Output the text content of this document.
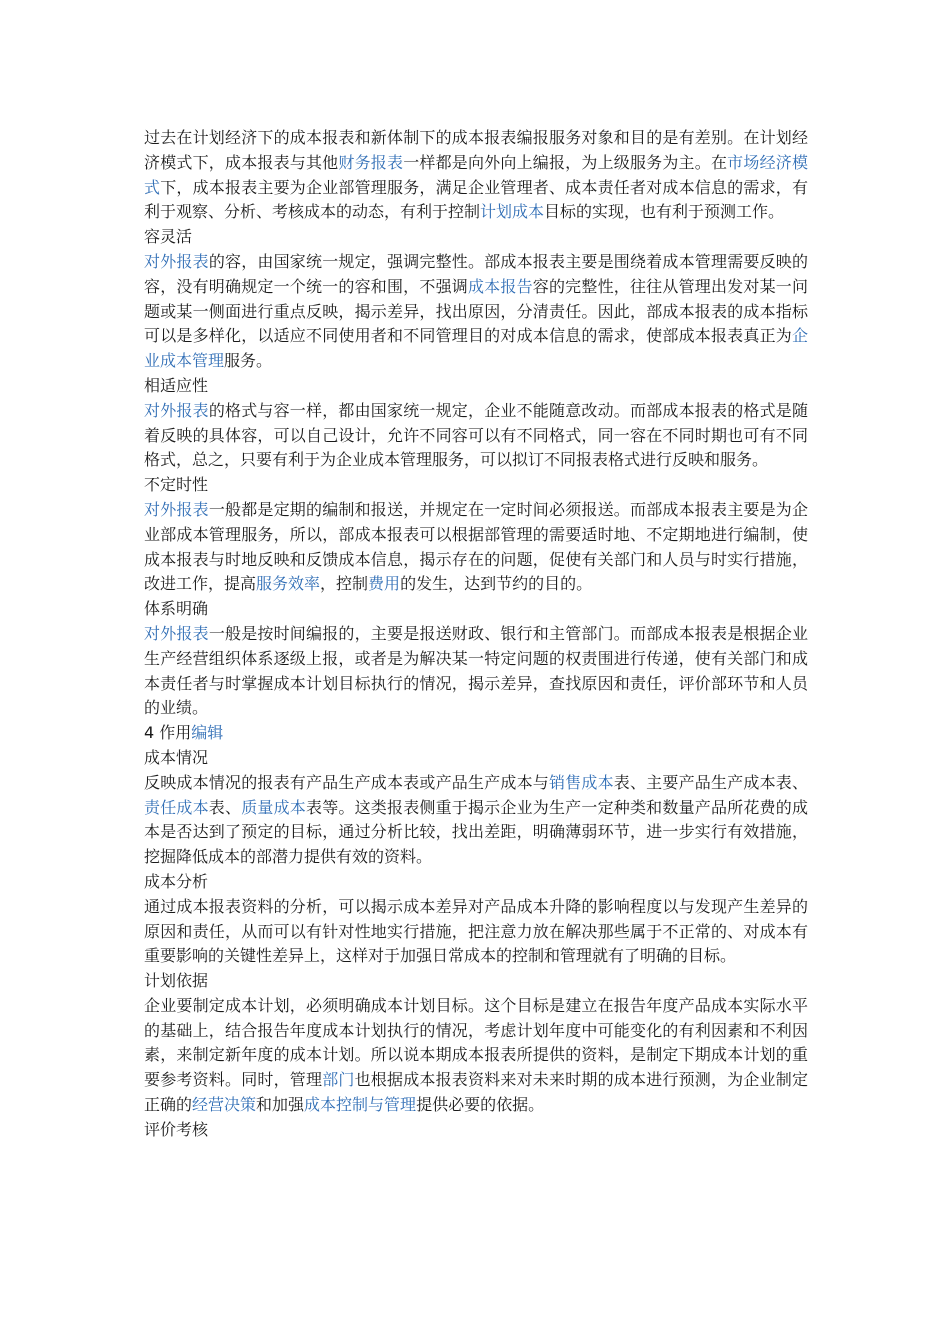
过去在计划经济下的成本报表和新体制下的成本报表编报服务对象和目的是有差别。在计划经济模式下，成本报表与其他财务报表一样都是向外向上编报，为上级服务为主。在市场经济模式下，成本报表主要为企业部管理服务，满足企业管理者、成本责任者对成本信息的需求，有利于观察、分析、考核成本的动态，有利于控制计划成本目标的实现，也有利于预测工作。

容灵活

对外报表的容，由国家统一规定，强调完整性。部成本报表主要是围绕着成本管理需要反映的容，没有明确规定一个统一的容和围，不强调成本报告容的完整性，往往从管理出发对某一问题或某一侧面进行重点反映，揭示差异，找出原因，分清责任。因此，部成本报表的成本指标可以是多样化，以适应不同使用者和不同管理目的对成本信息的需求，使部成本报表真正为企业成本管理服务。

相适应性

对外报表的格式与容一样，都由国家统一规定，企业不能随意改动。而部成本报表的格式是随着反映的具体容，可以自己设计，允许不同容可以有不同格式，同一容在不同时期也可有不同格式，总之，只要有利于为企业成本管理服务，可以拟订不同报表格式进行反映和服务。

不定时性

对外报表一般都是定期的编制和报送，并规定在一定时间必须报送。而部成本报表主要是为企业部成本管理服务，所以，部成本报表可以根据部管理的需要适时地、不定期地进行编制，使成本报表与时地反映和反馈成本信息，揭示存在的问题，促使有关部门和人员与时实行措施，改进工作，提高服务效率，控制费用的发生，达到节约的目的。

体系明确

对外报表一般是按时间编报的，主要是报送财政、银行和主管部门。而部成本报表是根据企业生产经营组织体系逐级上报，或者是为解决某一特定问题的权责围进行传递，使有关部门和成本责任者与时掌握成本计划目标执行的情况，揭示差异，查找原因和责任，评价部环节和人员的业绩。

4 作用编辑

成本情况

反映成本情况的报表有产品生产成本表或产品生产成本与销售成本表、主要产品生产成本表、责任成本表、质量成本表等。这类报表侧重于揭示企业为生产一定种类和数量产品所花费的成本是否达到了预定的目标，通过分析比较，找出差距，明确薄弱环节，进一步实行有效措施，挖掘降低成本的部潜力提供有效的资料。

成本分析

通过成本报表资料的分析，可以揭示成本差异对产品成本升降的影响程度以与发现产生差异的原因和责任，从而可以有针对性地实行措施，把注意力放在解决那些属于不正常的、对成本有重要影响的关键性差异上，这样对于加强日常成本的控制和管理就有了明确的目标。

计划依据

企业要制定成本计划，必须明确成本计划目标。这个目标是建立在报告年度产品成本实际水平的基础上，结合报告年度成本计划执行的情况，考虑计划年度中可能变化的有利因素和不利因素，来制定新年度的成本计划。所以说本期成本报表所提供的资料，是制定下期成本计划的重要参考资料。同时，管理部门也根据成本报表资料来对未来时期的成本进行预测，为企业制定正确的经营决策和加强成本控制与管理提供必要的依据。

评价考核
